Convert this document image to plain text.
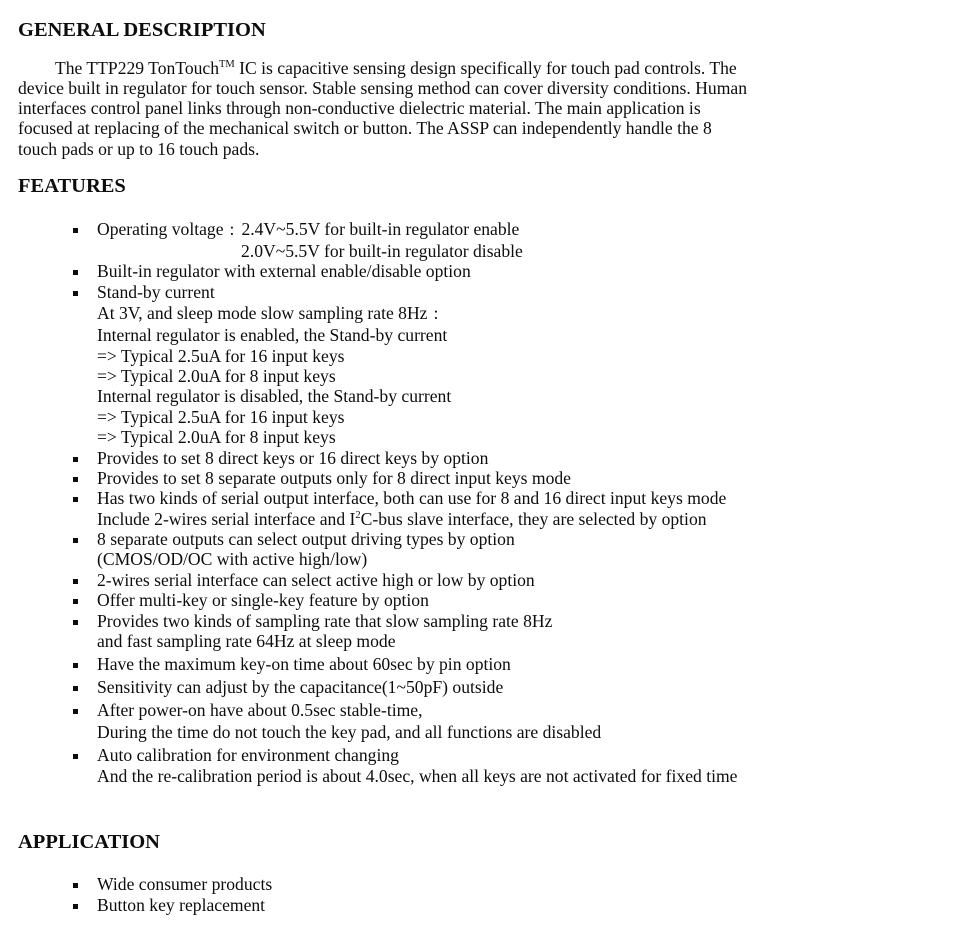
GENERAL DESCRIPTION
The TTP229 TonTouch™ IC is capacitive sensing design specifically for touch pad controls. The
device built in regulator for touch sensor. Stable sensing method can cover diversity conditions. Human
interfaces control panel links through non-conductive dielectric material. The main application is
focused at replacing of the mechanical switch or button. The ASSP can independently handle the 8
touch pads or up to 16 touch pads.
FEATURES
Operating voltage 2.4V~5.5V for built-in regulator enable
2.0V~5.5V for built-in regulator disable
Built-in regulator with external enable/disable option
Stand-by current
At 3V, and sleep mode slow sampling rate 8Hz
Internal regulator is enabled, the Stand-by current
=> Typical 2.5uA for 16 input keys
=> Typical 2.0uA for 8 input keys
Internal regulator is disabled, the Stand-by current
=> Typical 2.5uA for 16 input keys
=> Typical 2.0uA for 8 input keys
Provides to set 8 direct keys or 16 direct keys by option
Provides to set 8 separate outputs only for 8 direct input keys mode
Has two kinds of serial output interface, both can use for 8 and 16 direct input keys mode
Include 2-wires serial interface and $I^2C$-bus slave interface, they are selected by option
8 separate outputs can select output driving types by option
(CMOS/OD/OC with active high/low)
2-wires serial interface can select active high or low by option
Offer multi-key or single-key feature by option
Provides two kinds of sampling rate that slow sampling rate 8Hz
and fast sampling rate 64Hz at sleep mode
Have the maximum key-on time about 60sec by pin option
Sensitivity can adjust by the capacitance(1~50pF) outside
After power-on have about 0.5sec stable-time,
During the time do not touch the key pad, and all functions are disabled
Auto calibration for environment changing
And the re-calibration period is about 4.0sec, when all keys are not activated for fixed time
APPLICATION
Wide consumer products
Button key replacement
